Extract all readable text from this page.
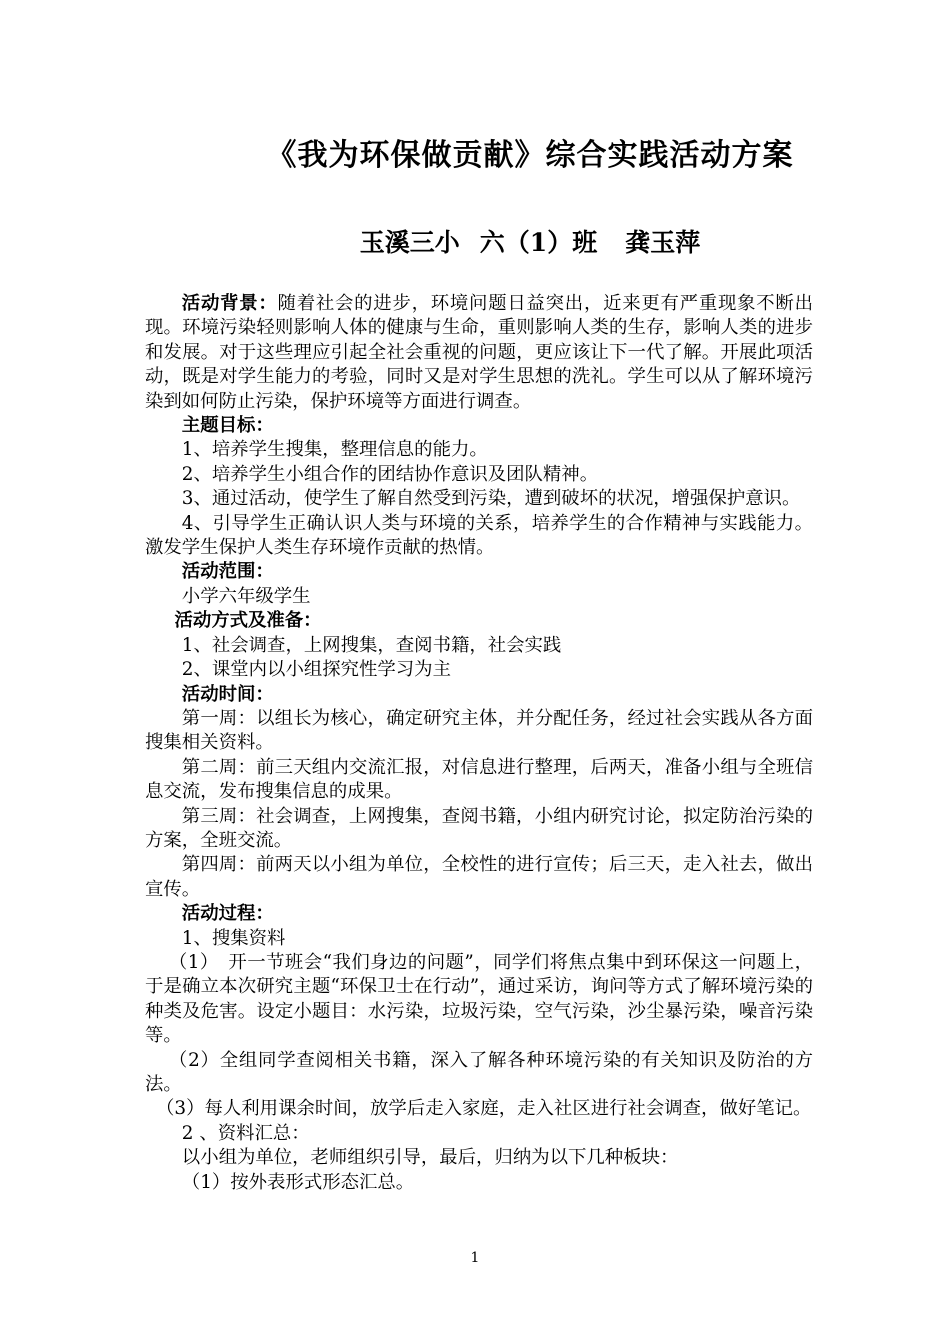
《我为环保做贡献》综合实践活动方案
玉溪三小 六（1）班 龚玉萍

活动背景：随着社会的进步，环境问题日益突出，近来更有严重现象不断出现。环境污染轻则影响人体的健康与生命，重则影响人类的生存，影响人类的进步和发展。对于这些理应引起全社会重视的问题，更应该让下一代了解。开展此项活动，既是对学生能力的考验，同时又是对学生思想的洗礼。学生可以从了解环境污染到如何防止污染，保护环境等方面进行调查。

主题目标：

1、培养学生搜集，整理信息的能力。

2、培养学生小组合作的团结协作意识及团队精神。

3、通过活动，使学生了解自然受到污染，遭到破坏的状况，增强保护意识。

4、引导学生正确认识人类与环境的关系，培养学生的合作精神与实践能力。激发学生保护人类生存环境作贡献的热情。

活动范围：

小学六年级学生

活动方式及准备：

1、社会调查，上网搜集，查阅书籍，社会实践

2、课堂内以小组探究性学习为主

活动时间：

第一周：以组长为核心，确定研究主体，并分配任务，经过社会实践从各方面搜集相关资料。

第二周：前三天组内交流汇报，对信息进行整理，后两天，准备小组与全班信息交流，发布搜集信息的成果。

第三周：社会调查，上网搜集，查阅书籍，小组内研究讨论，拟定防治污染的方案，全班交流。

第四周：前两天以小组为单位，全校性的进行宣传；后三天，走入社去，做出宣传。

活动过程：

1、搜集资料

（1）　开一节班会“我们身边的问题”，同学们将焦点集中到环保这一问题上，于是确立本次研究主题“环保卫士在行动”，通过采访，询问等方式了解环境污染的种类及危害。设定小题目：水污染，垃圾污染，空气污染，沙尘暴污染，噪音污染等。

（2）全组同学查阅相关书籍，深入了解各种环境污染的有关知识及防治的方法。

（3）每人利用课余时间，放学后走入家庭，走入社区进行社会调查，做好笔记。

2 、资料汇总：

以小组为单位，老师组织引导，最后，归纳为以下几种板块：

（1）按外表形式形态汇总。

1
